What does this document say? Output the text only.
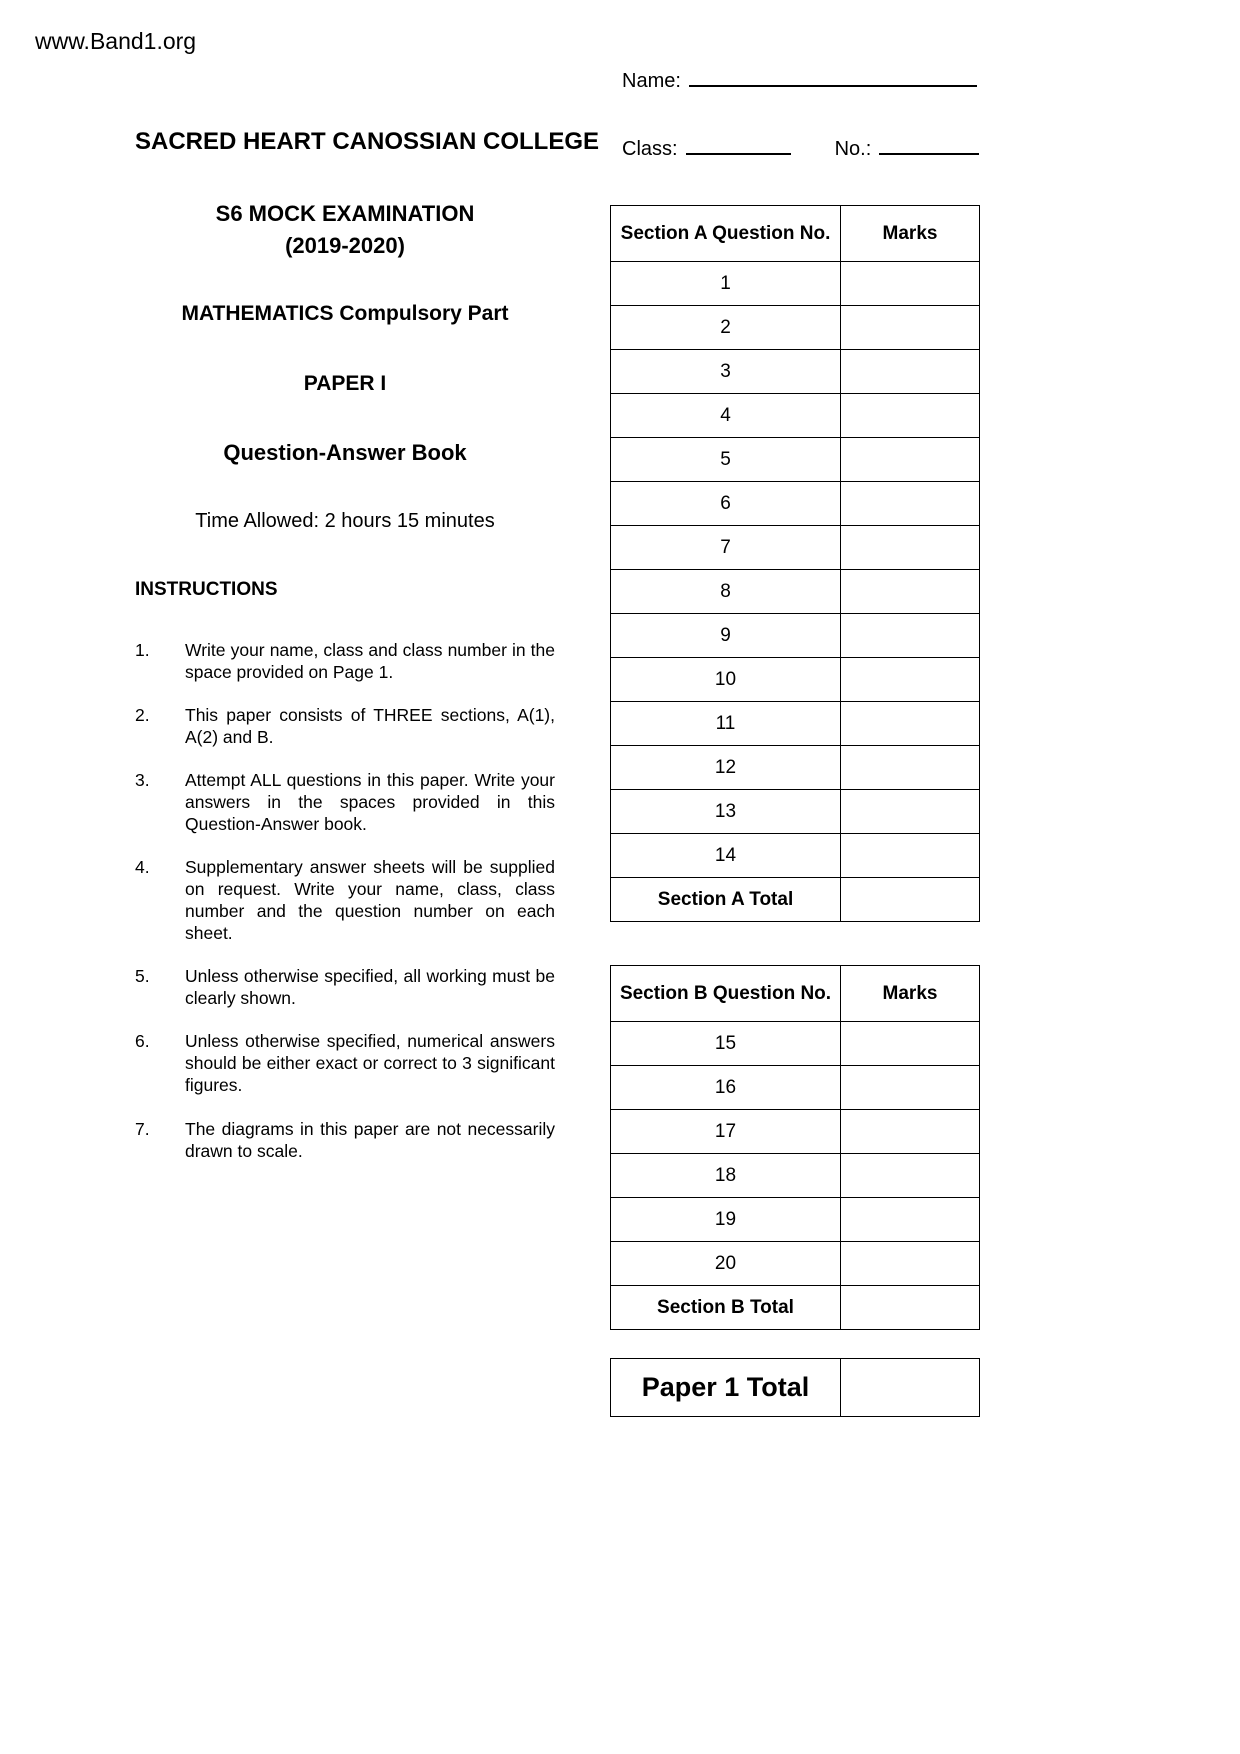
www.Band1.org
Name:
Class:	No.:
SACRED HEART CANOSSIAN COLLEGE
S6 MOCK EXAMINATION
(2019-2020)
MATHEMATICS Compulsory Part
PAPER I
Question-Answer Book
Time Allowed: 2 hours 15 minutes
INSTRUCTIONS
1.	Write your name, class and class number in the space provided on Page 1.
2.	This paper consists of THREE sections, A(1), A(2) and B.
3.	Attempt ALL questions in this paper. Write your answers in the spaces provided in this Question-Answer book.
4.	Supplementary answer sheets will be supplied on request. Write your name, class, class number and the question number on each sheet.
5.	Unless otherwise specified, all working must be clearly shown.
6.	Unless otherwise specified, numerical answers should be either exact or correct to 3 significant figures.
7.	The diagrams in this paper are not necessarily drawn to scale.
Section A Question No.	Marks
1	
2	
3	
4	
5	
6	
7	
8	
9	
10	
11	
12	
13	
14	
Section A Total	
Section B Question No.	Marks
15	
16	
17	
18	
19	
20	
Section B Total	
Paper 1 Total	
